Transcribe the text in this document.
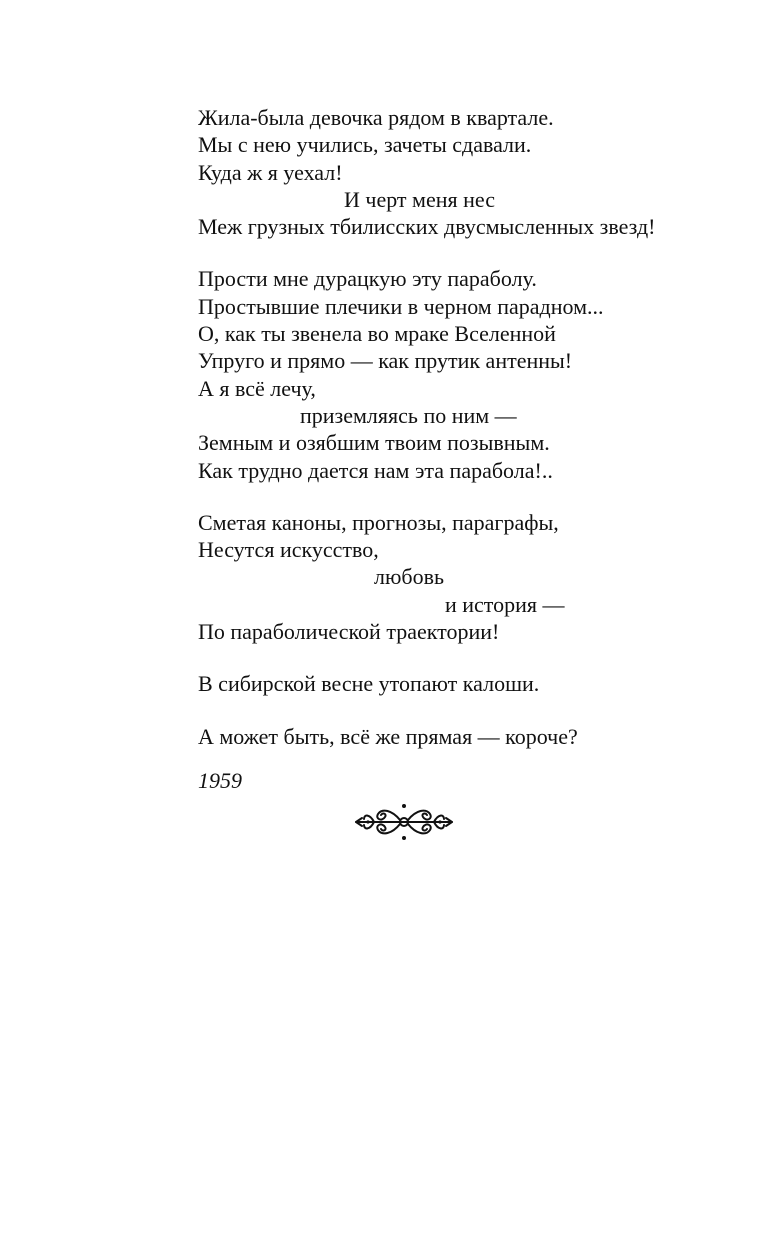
Жила-была девочка рядом в квартале.
Мы с нею учились, зачеты сдавали.
Куда ж я уехал!
И черт меня нес
Меж грузных тбилисских двусмысленных звезд!
Прости мне дурацкую эту параболу.
Простывшие плечики в черном парадном...
О, как ты звенела во мраке Вселенной
Упруго и прямо — как прутик антенны!
А я всё лечу,
приземляясь по ним —
Земным и озябшим твоим позывным.
Как трудно дается нам эта парабола!..
Сметая каноны, прогнозы, параграфы,
Несутся искусство,
любовь
и история —
По параболической траектории!
В сибирской весне утопают калоши.
А может быть, всё же прямая — короче?
1959
